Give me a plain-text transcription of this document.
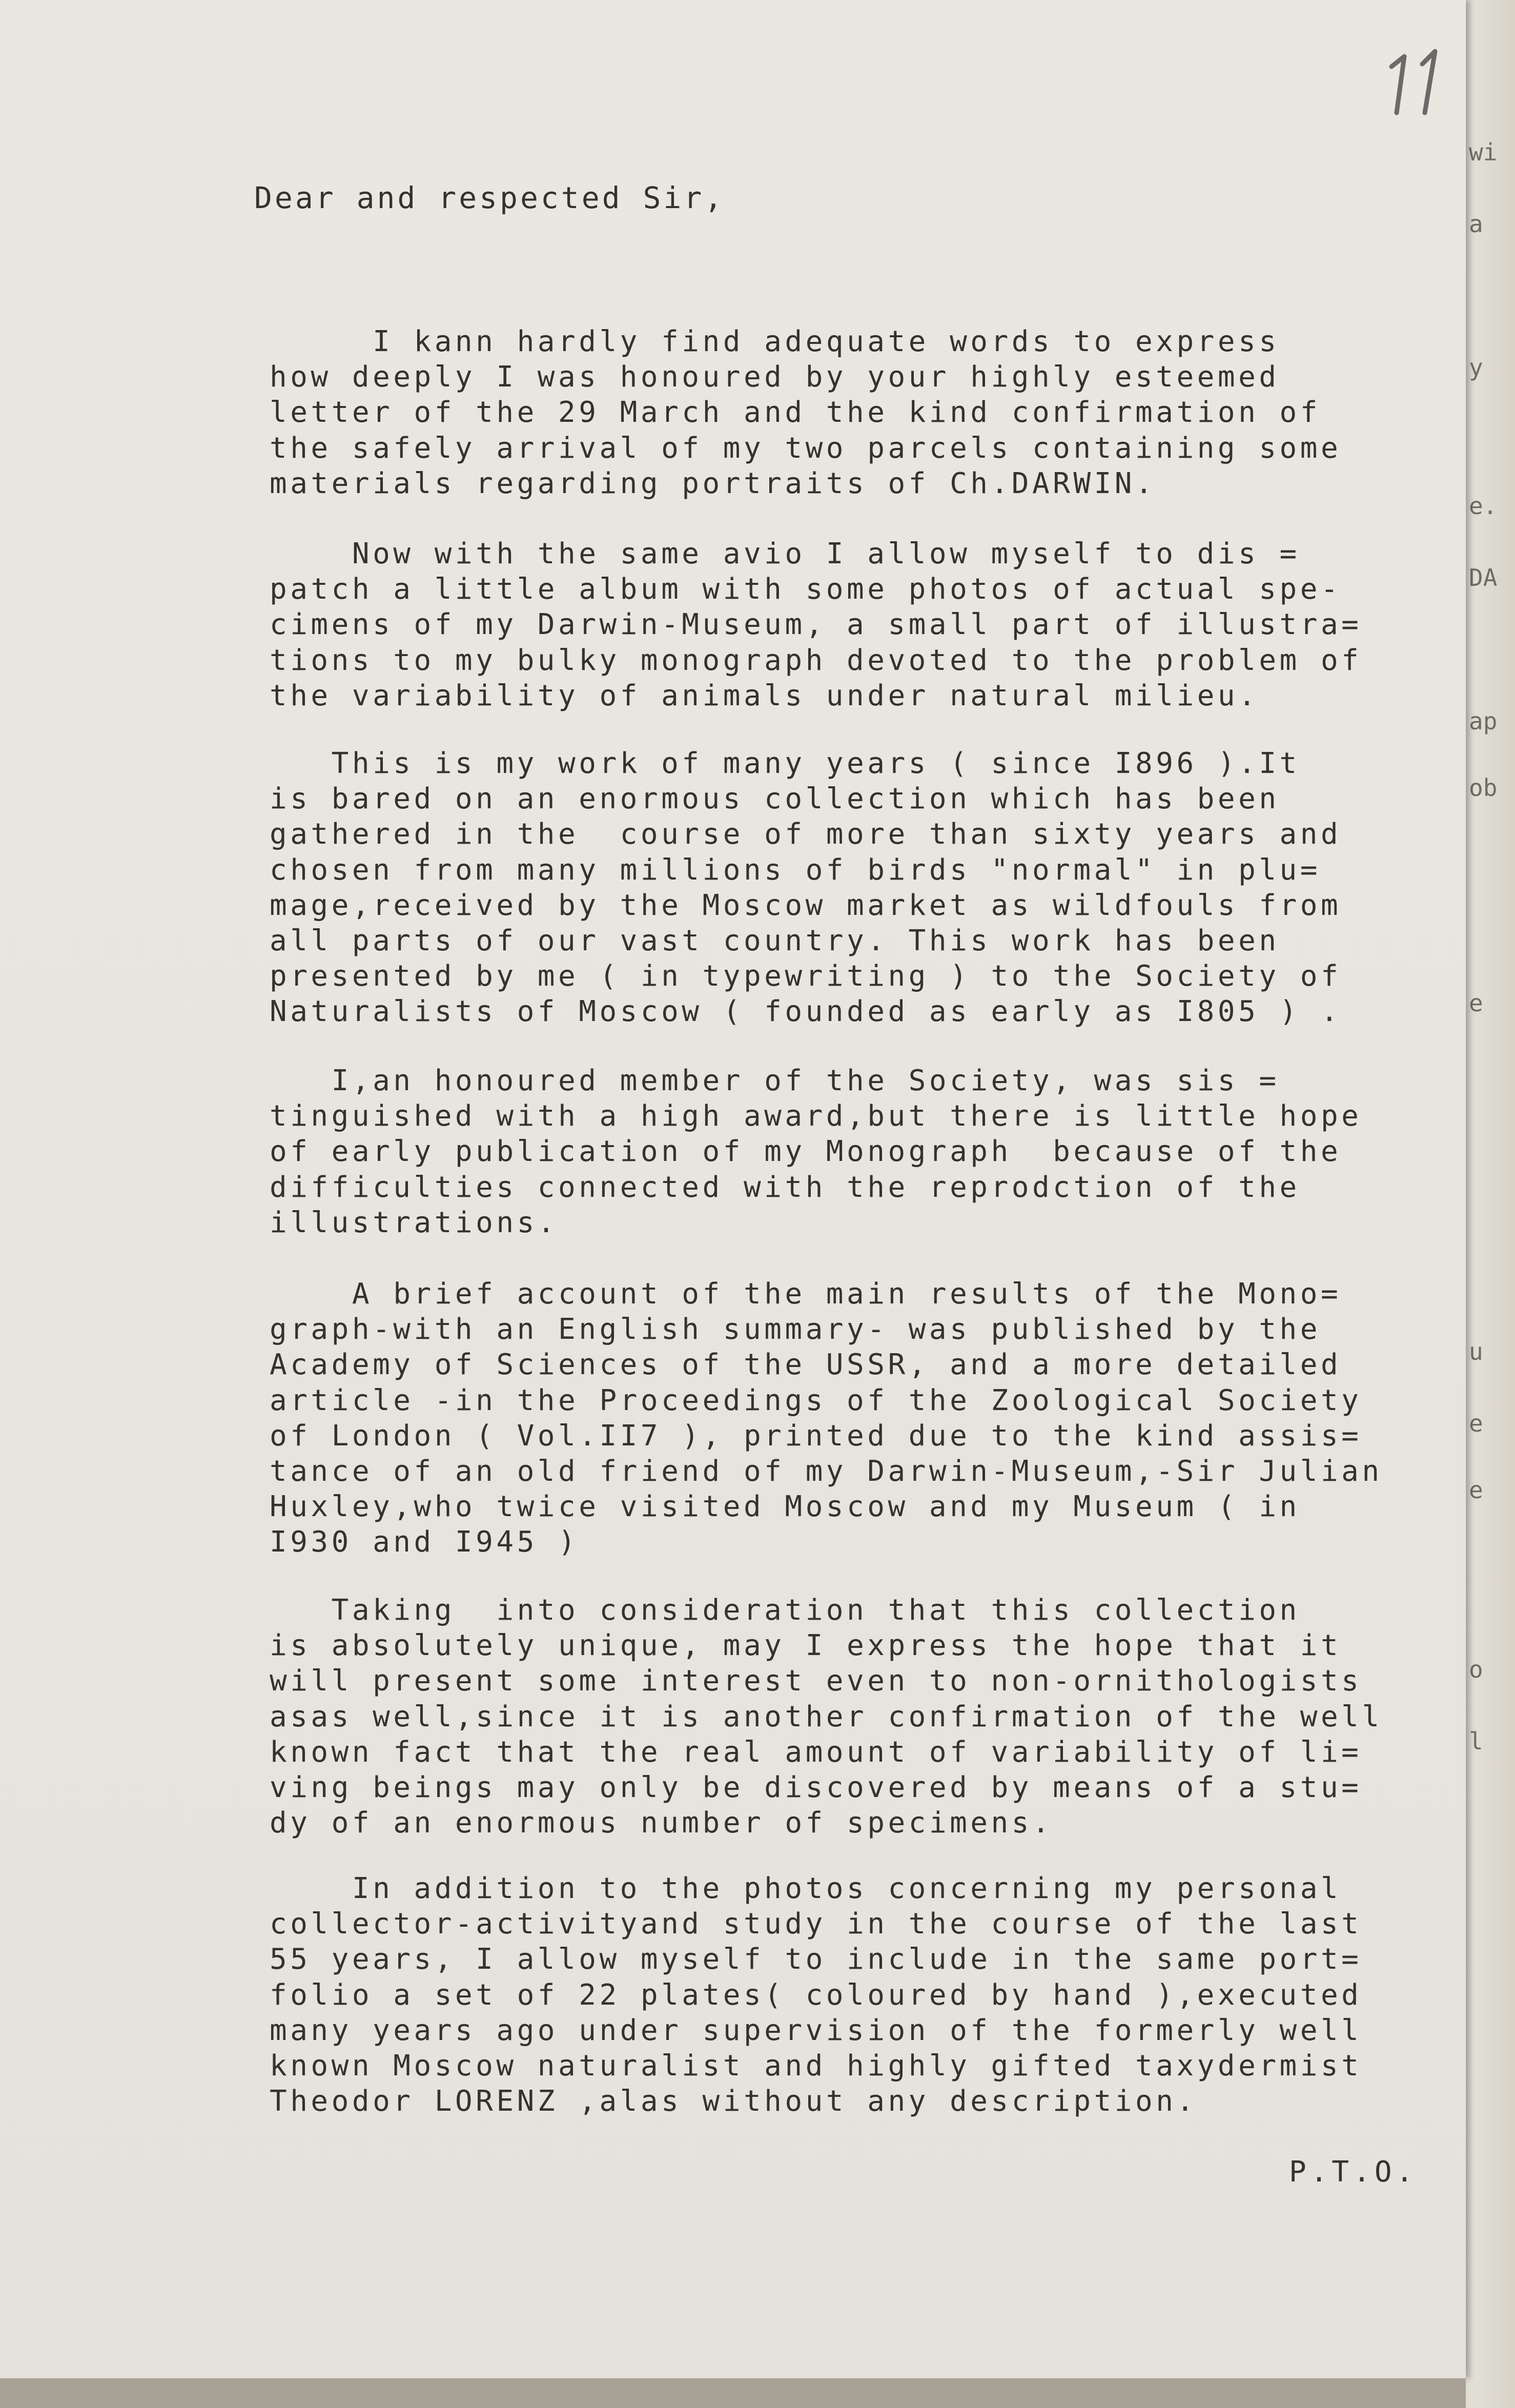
wi
a
y
e.
DA
ap
ob
e
u
e
e
o
l
Dear and respected Sir,
I kann hardly find adequate words to express
how deeply I was honoured by your highly esteemed
letter of the 29 March and the kind confirmation of
the safely arrival of my two parcels containing some
materials regarding portraits of Ch.DARWIN.
Now with the same avio I allow myself to dis =
patch a little album with some photos of actual spe-
cimens of my Darwin-Museum, a small part of illustra=
tions to my bulky monograph devoted to the problem of
the variability of animals under natural milieu.
This is my work of many years ( since I896 ).It
is bared on an enormous collection which has been
gathered in the  course of more than sixty years and
chosen from many millions of birds "normal" in plu=
mage,received by the Moscow market as wildfouls from
all parts of our vast country. This work has been
presented by me ( in typewriting ) to the Society of
Naturalists of Moscow ( founded as early as I805 ) .
I,an honoured member of the Society, was sis =
tinguished with a high award,but there is little hope
of early publication of my Monograph  because of the
difficulties connected with the reprodction of the
illustrations.
A brief account of the main results of the Mono=
graph-with an English summary- was published by the
Academy of Sciences of the USSR, and a more detailed
article -in the Proceedings of the Zoological Society
of London ( Vol.II7 ), printed due to the kind assis=
tance of an old friend of my Darwin-Museum,-Sir Julian
Huxley,who twice visited Moscow and my Museum ( in
I930 and I945 )
Taking  into consideration that this collection
is absolutely unique, may I express the hope that it
will present some interest even to non-ornithologists
asas well,since it is another confirmation of the well
known fact that the real amount of variability of li=
ving beings may only be discovered by means of a stu=
dy of an enormous number of specimens.
In addition to the photos concerning my personal
collector-activityand study in the course of the last
55 years, I allow myself to include in the same port=
folio a set of 22 plates( coloured by hand ),executed
many years ago under supervision of the formerly well
known Moscow naturalist and highly gifted taxydermist
Theodor LORENZ ,alas without any description.
P.T.O.
